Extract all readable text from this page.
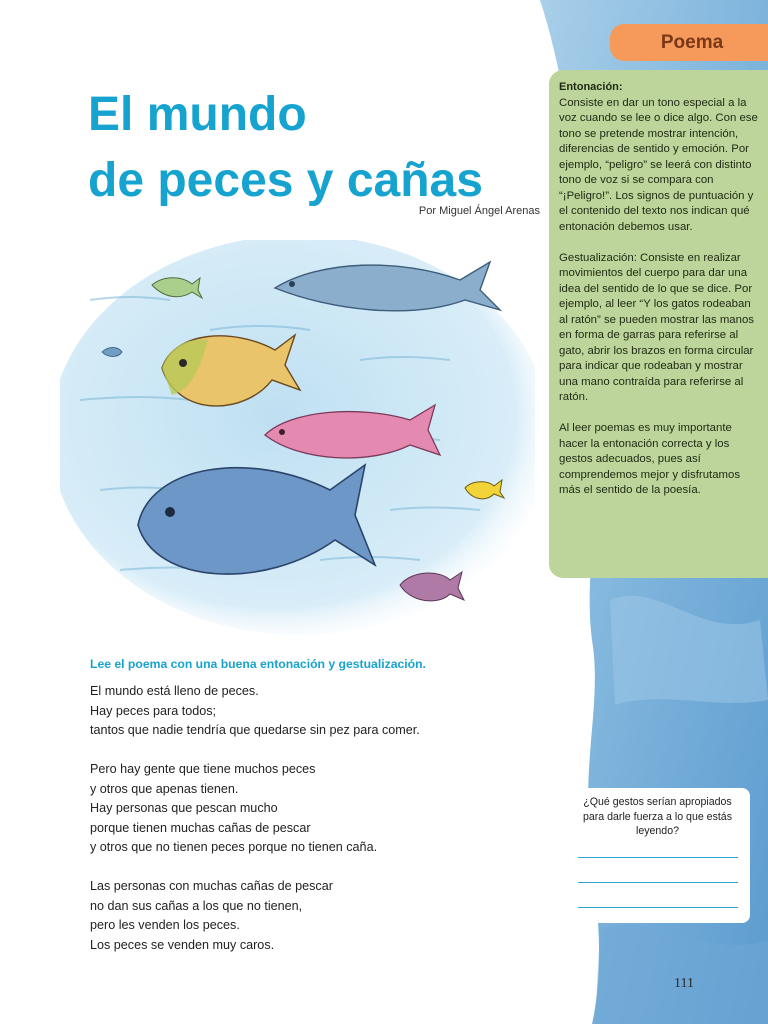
Poema
El mundo
de peces y cañas
Por Miguel Ángel Arenas
Entonación:

Consiste en dar un tono especial a la voz cuando se lee o dice algo. Con ese tono se pretende mostrar intención, diferencias de sentido y emoción. Por ejemplo, “peligro” se leerá con distinto tono de voz si se compara con “¡Peligro!”. Los signos de puntuación y el contenido del texto nos indican qué entonación debemos usar.

Gestualización: Consiste en realizar movimientos del cuerpo para dar una idea del sentido de lo que se dice. Por ejemplo, al leer “Y los gatos rodeaban al ratón” se pueden mostrar las manos en forma de garras para referirse al gato, abrir los brazos en forma circular para indicar que rodeaban y mostrar una mano contraída para referirse al ratón.

Al leer poemas es muy importante hacer la entonación correcta y los gestos adecuados, pues así comprendemos mejor y disfrutamos más el sentido de la poesía.

Lee el poema con una buena entonación y gestualización.
El mundo está lleno de peces.
Hay peces para todos;
tantos que nadie tendría que quedarse sin pez para comer.
Pero hay gente que tiene muchos peces
y otros que apenas tienen.
Hay personas que pescan mucho
porque tienen muchas cañas de pescar
y otros que no tienen peces porque no tienen caña.
Las personas con muchas cañas de pescar
no dan sus cañas a los que no tienen,
pero les venden los peces.
Los peces se venden muy caros.
¿Qué gestos serían apropiados para darle fuerza a lo que estás leyendo?
111
